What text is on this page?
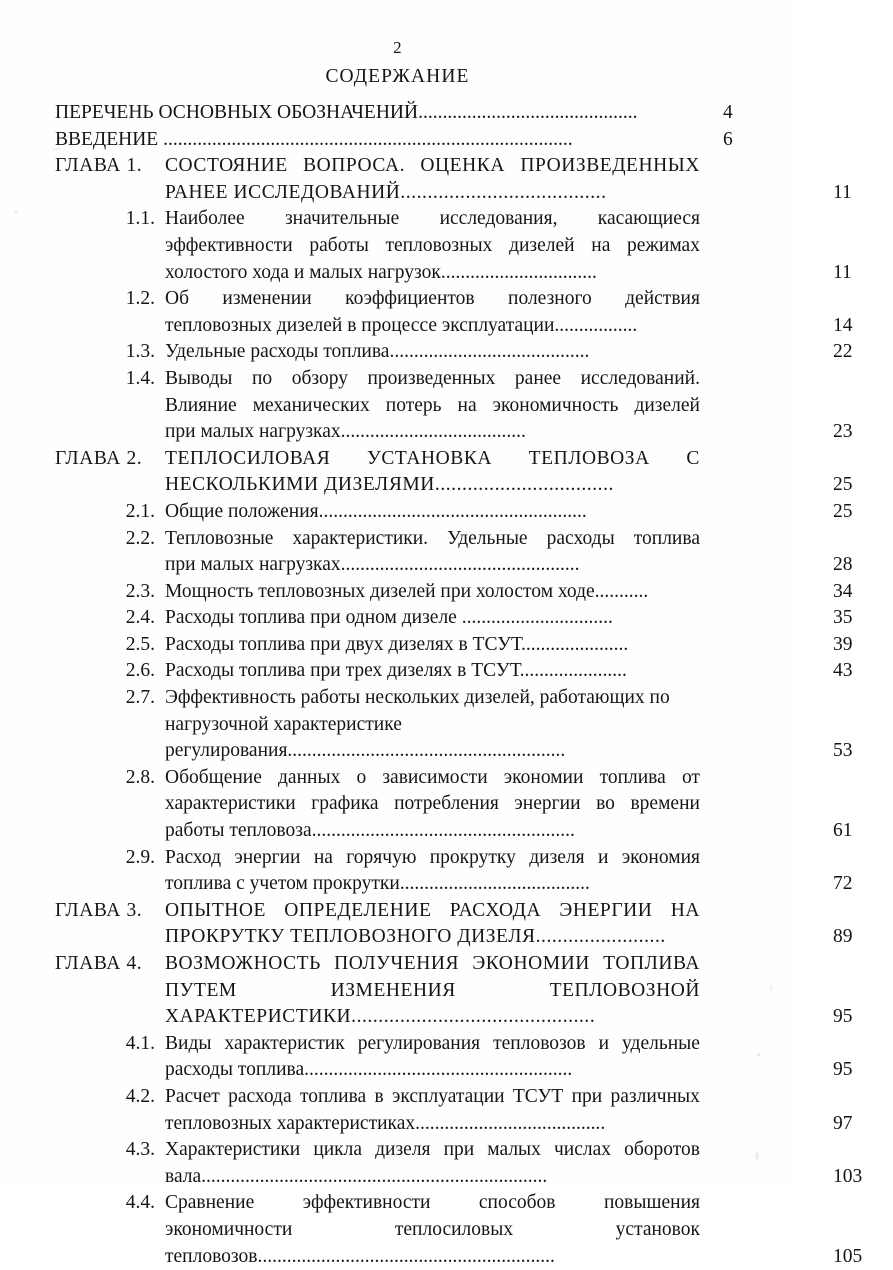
2
СОДЕРЖАНИЕ
ПЕРЕЧЕНЬ ОСНОВНЫХ ОБОЗНАЧЕНИЙ.............................................	4
ВВЕДЕНИЕ ....................................................................................	6
ГЛАВА 1.	СОСТОЯНИЕ ВОПРОСА. ОЦЕНКА ПРОИЗВЕДЕННЫХ
РАНЕЕ ИССЛЕДОВАНИЙ......................................	11
1.1. Наиболее значительные исследования, касающиеся
эффективности работы тепловозных дизелей на режимах
холостого хода и малых нагрузок................................	11
1.2. Об изменении коэффициентов полезного действия
тепловозных дизелей в процессе эксплуатации.................	14
1.3. Удельные расходы топлива.........................................	22
1.4. Выводы по обзору произведенных ранее исследований.
Влияние механических потерь на экономичность дизелей
при малых нагрузках......................................	23
ГЛАВА 2.	ТЕПЛОСИЛОВАЯ УСТАНОВКА ТЕПЛОВОЗА С
НЕСКОЛЬКИМИ ДИЗЕЛЯМИ.................................	25
2.1. Общие положения.......................................................	25
2.2. Тепловозные характеристики. Удельные расходы топлива
при малых нагрузках.................................................	28
2.3. Мощность тепловозных дизелей при холостом ходе...........	34
2.4. Расходы топлива при одном дизеле ...............................	35
2.5. Расходы топлива при двух дизелях в ТСУТ......................	39
2.6. Расходы топлива при трех дизелях в ТСУТ......................	43
2.7. Эффективность работы нескольких дизелей, работающих по
нагрузочной характеристике
регулирования.........................................................	53
2.8. Обобщение данных о зависимости экономии топлива от
характеристики графика потребления энергии во времени
работы тепловоза......................................................	61
2.9. Расход энергии на горячую прокрутку дизеля и экономия
топлива с учетом прокрутки.......................................	72
ГЛАВА 3.	ОПЫТНОЕ ОПРЕДЕЛЕНИЕ РАСХОДА ЭНЕРГИИ НА
ПРОКРУТКУ ТЕПЛОВОЗНОГО ДИЗЕЛЯ........................	89
ГЛАВА 4.	ВОЗМОЖНОСТЬ ПОЛУЧЕНИЯ ЭКОНОМИИ ТОПЛИВА
ПУТЕМ	ИЗМЕНЕНИЯ	ТЕПЛОВОЗНОЙ
ХАРАКТЕРИСТИКИ.............................................	95
4.1. Виды характеристик регулирования тепловозов и удельные
расходы топлива.......................................................	95
4.2. Расчет расхода топлива в эксплуатации ТСУТ при различных
тепловозных характеристиках.......................................	97
4.3. Характеристики цикла дизеля при малых числах оборотов
вала.......................................................................	103
4.4. Сравнение эффективности способов повышения
экономичности	теплосиловых	установок
тепловозов.............................................................	105
